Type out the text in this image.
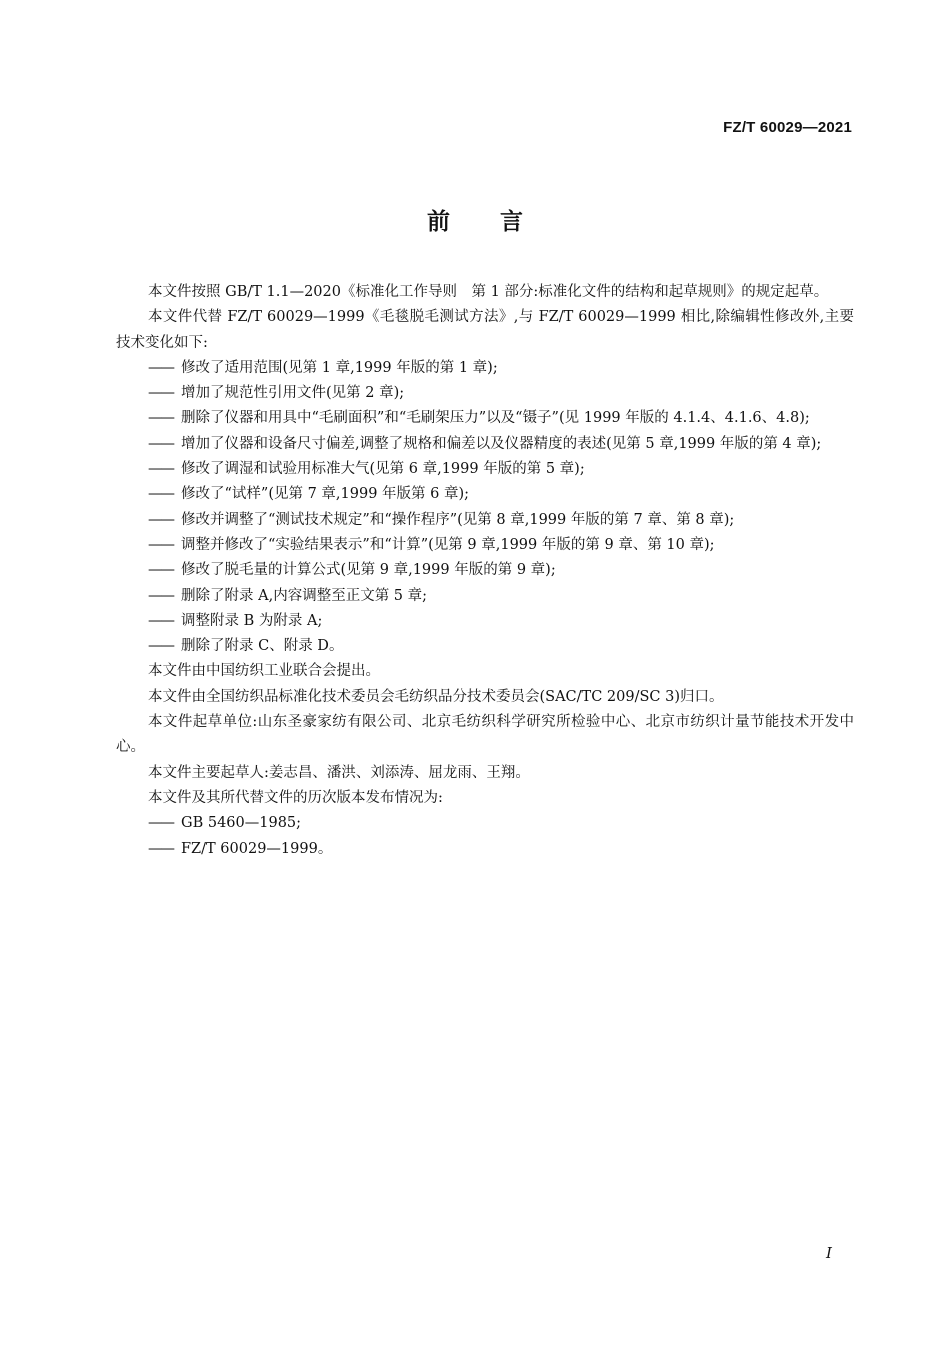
FZ/T 60029—2021
前言

本文件按照 GB/T 1.1—2020《标准化工作导则　第 1 部分:标准化文件的结构和起草规则》的规定起草。

本文件代替 FZ/T 60029—1999《毛毯脱毛测试方法》,与 FZ/T 60029—1999 相比,除编辑性修改外,主要技术变化如下:

—— 修改了适用范围(见第 1 章,1999 年版的第 1 章);

—— 增加了规范性引用文件(见第 2 章);

—— 删除了仪器和用具中“毛刷面积”和“毛刷架压力”以及“镊子”(见 1999 年版的 4.1.4、4.1.6、4.8);

—— 增加了仪器和设备尺寸偏差,调整了规格和偏差以及仪器精度的表述(见第 5 章,1999 年版的第 4 章);

—— 修改了调湿和试验用标准大气(见第 6 章,1999 年版的第 5 章);

—— 修改了“试样”(见第 7 章,1999 年版第 6 章);

—— 修改并调整了“测试技术规定”和“操作程序”(见第 8 章,1999 年版的第 7 章、第 8 章);

—— 调整并修改了“实验结果表示”和“计算”(见第 9 章,1999 年版的第 9 章、第 10 章);

—— 修改了脱毛量的计算公式(见第 9 章,1999 年版的第 9 章);

—— 删除了附录 A,内容调整至正文第 5 章;

—— 调整附录 B 为附录 A;

—— 删除了附录 C、附录 D。

本文件由中国纺织工业联合会提出。

本文件由全国纺织品标准化技术委员会毛纺织品分技术委员会(SAC/TC 209/SC 3)归口。

本文件起草单位:山东圣豪家纺有限公司、北京毛纺织科学研究所检验中心、北京市纺织计量节能技术开发中心。

本文件主要起草人:姜志昌、潘洪、刘添涛、屈龙雨、王翔。

本文件及其所代替文件的历次版本发布情况为:

—— GB 5460—1985;

—— FZ/T 60029—1999。

I
